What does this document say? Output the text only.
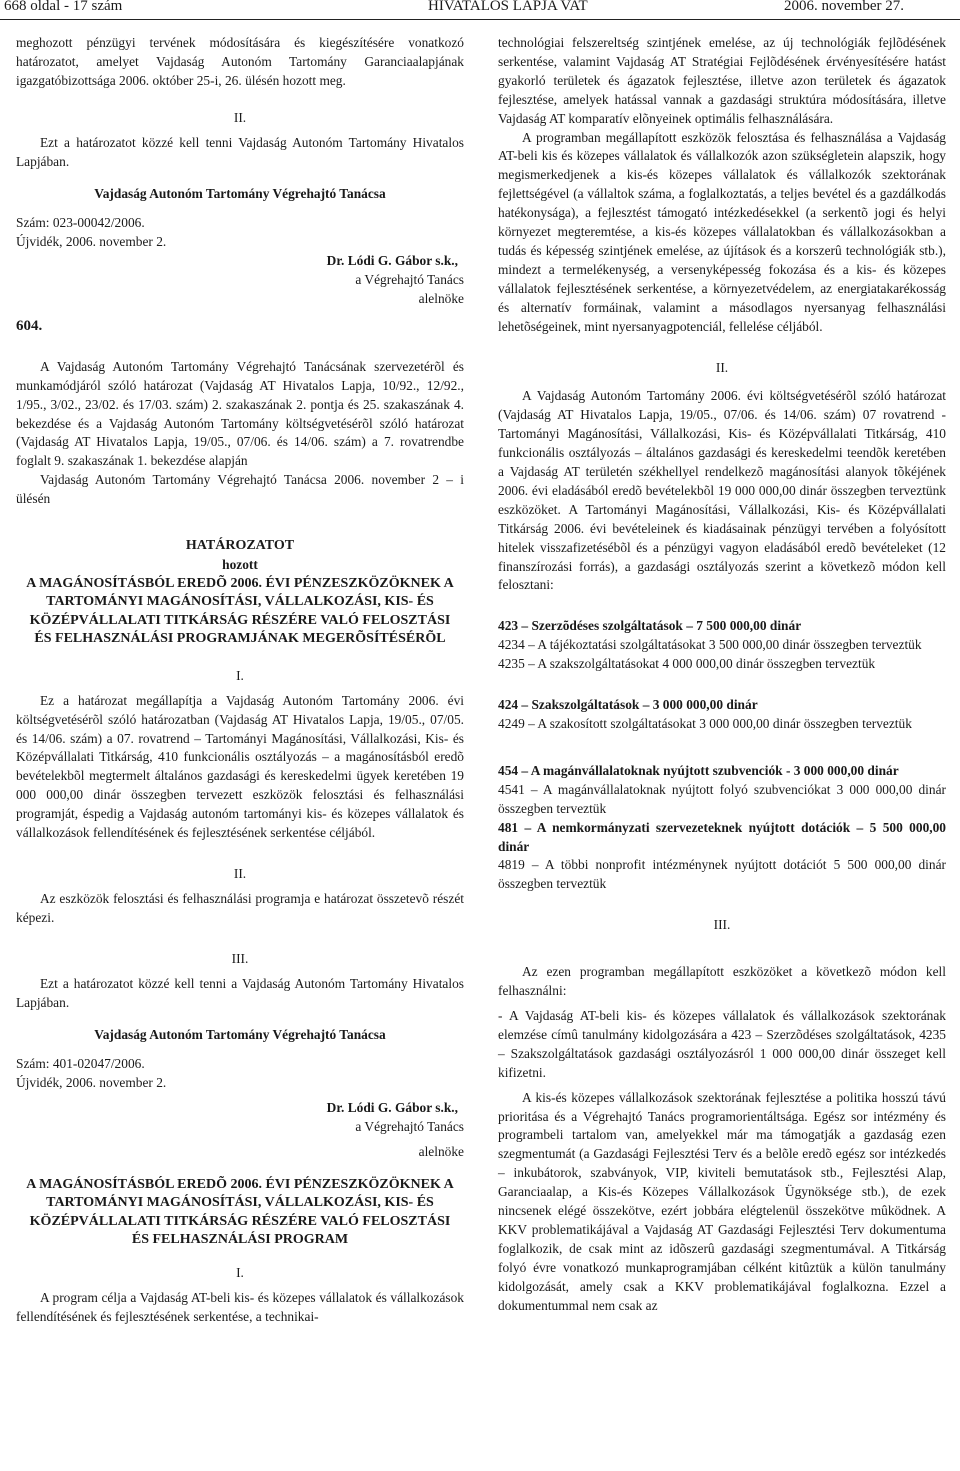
668 oldal - 17 szám	HIVATALOS LAPJA VAT	2006. november 27.

meghozott pénzügyi tervének módosítására és kiegészítésére vonatkozó határozatot, amelyet Vajdaság Autonóm Tartomány Garanciaalapjának igazgatóbizottsága 2006. október 25-i, 26. ülésén hozott meg.

II.

Ezt a határozatot közzé kell tenni Vajdaság Autonóm Tartomány Hivatalos Lapjában.

Vajdaság Autonóm Tartomány Végrehajtó Tanácsa

Szám: 023-00042/2006.

Újvidék, 2006. november 2.

Dr. Lódi G. Gábor s.k.,

a Végrehajtó Tanács

alelnöke

604.

A Vajdaság Autonóm Tartomány Végrehajtó Tanácsának szervezetérõl és munkamódjáról szóló határozat (Vajdaság AT Hivatalos Lapja, 10/92., 12/92., 1/95., 3/02., 23/02. és 17/03. szám) 2. szakaszának 2. pontja és 25. szakaszának 4. bekezdése és a Vajdaság Autonóm Tartomány költségvetésérõl szóló határozat (Vajdaság AT Hivatalos Lapja, 19/05., 07/06. és 14/06. szám) a 7. rovatrendbe foglalt 9. szakaszának 1. bekezdése alapján

Vajdaság Autonóm Tartomány Végrehajtó Tanácsa 2006. november 2 – i ülésén

HATÁROZATOT

hozott

A MAGÁNOSÍTÁSBÓL EREDÕ 2006. ÉVI PÉNZESZKÖZÖKNEK A TARTOMÁNYI MAGÁNOSÍTÁSI, VÁLLALKOZÁSI, KIS- ÉS KÖZÉPVÁLLALATI TITKÁRSÁG RÉSZÉRE VALÓ FELOSZTÁSI ÉS FELHASZNÁLÁSI PROGRAMJÁNAK MEGERÕSÍTÉSÉRÕL

I.

Ez a határozat megállapítja a Vajdaság Autonóm Tartomány 2006. évi költségvetésérõl szóló határozatban (Vajdaság AT Hivatalos Lapja, 19/05., 07/05. és 14/06. szám) a 07. rovatrend – Tartományi Magánosítási, Vállalkozási, Kis- és Középvállalati Titkárság, 410 funkcionális osztályozás – a magánosításból eredõ bevételekbõl megtermelt általános gazdasági és kereskedelmi ügyek keretében 19 000 000,00 dinár összegben tervezett eszközök felosztási és felhasználási programját, éspedig a Vajdaság autonóm tartományi kis- és közepes vállalatok és vállalkozások fellendítésének és fejlesztésének serkentése céljából.

II.

Az eszközök felosztási és felhasználási programja e határozat összetevõ részét képezi.

III.

Ezt a határozatot közzé kell tenni a Vajdaság Autonóm Tartomány Hivatalos Lapjában.

Vajdaság Autonóm Tartomány Végrehajtó Tanácsa

Szám: 401-02047/2006.

Újvidék, 2006. november 2.

Dr. Lódi G. Gábor s.k.,

a Végrehajtó Tanács

alelnöke

A MAGÁNOSÍTÁSBÓL EREDÕ 2006. ÉVI PÉNZESZKÖZÖKNEK A TARTOMÁNYI MAGÁNOSÍTÁSI, VÁLLALKOZÁSI, KIS- ÉS KÖZÉPVÁLLALATI TITKÁRSÁG RÉSZÉRE VALÓ FELOSZTÁSI ÉS FELHASZNÁLÁSI PROGRAM

I.

A program célja a Vajdaság AT-beli kis- és közepes vállalatok és vállalkozások fellendítésének és fejlesztésének serkentése, a technikai-

technológiai felszereltség szintjének emelése, az új technológiák fejlõdésének serkentése, valamint Vajdaság AT Stratégiai Fejlõdésének érvényesítésére hatást gyakorló területek és ágazatok fejlesztése, illetve azon területek és ágazatok fejlesztése, amelyek hatással vannak a gazdasági struktúra módosítására, illetve Vajdaság AT komparatív elõnyeinek optimális felhasználására.

A programban megállapított eszközök felosztása és felhasználása a Vajdaság AT-beli kis és közepes vállalatok és vállalkozók azon szükségletein alapszik, hogy megismerkedjenek a kis-és közepes vállalatok és vállalkozók szektorának fejlettségével (a vállaltok száma, a foglalkoztatás, a teljes bevétel és a gazdálkodás hatékonysága), a fejlesztést támogató intézkedésekkel (a serkentõ jogi és helyi környezet megteremtése, a kis-és közepes vállalatokban és vállalkozásokban a tudás és képesség szintjének emelése, az újítások és a korszerû technológiák stb.), mindezt a termelékenység, a versenyképesség fokozása és a kis- és közepes vállalatok fejlesztésének serkentése, a környezetvédelem, az energiatakarékosság és alternatív formáinak, valamint a másodlagos nyersanyag felhasználási lehetõségeinek, mint nyersanyagpotenciál, fellelése céljából.

II.

A Vajdaság Autonóm Tartomány 2006. évi költségvetésérõl szóló határozat (Vajdaság AT Hivatalos Lapja, 19/05., 07/06. és 14/06. szám) 07 rovatrend - Tartományi Magánosítási, Vállalkozási, Kis- és Középvállalati Titkárság, 410 funkcionális osztályozás – általános gazdasági és kereskedelmi teendõk keretében a Vajdaság AT területén székhellyel rendelkezõ magánosítási alanyok tõkéjének 2006. évi eladásából eredõ bevételekbõl 19 000 000,00 dinár összegben terveztünk eszközöket. A Tartományi Magánosítási, Vállalkozási, Kis- és Középvállalati Titkárság 2006. évi bevételeinek és kiadásainak pénzügyi tervében a folyósított hitelek visszafizetésébõl és a pénzügyi vagyon eladásából eredõ bevételeket (12 finanszírozási forrás), a gazdasági osztályozás szerint a következõ módon kell felosztani:

423 – Szerzõdéses szolgáltatások – 7 500 000,00 dinár

4234 – A tájékoztatási szolgáltatásokat 3 500 000,00 dinár összegben terveztük

4235 – A szakszolgáltatásokat 4 000 000,00 dinár összegben terveztük

424 – Szakszolgáltatások – 3 000 000,00 dinár

4249 – A szakosított szolgáltatásokat 3 000 000,00 dinár összegben terveztük

454 – A magánvállalatoknak nyújtott szubvenciók - 3 000 000,00 dinár

4541 – A magánvállalatoknak nyújtott folyó szubvenciókat 3 000 000,00 dinár összegben terveztük

481 – A nemkormányzati szervezeteknek nyújtott dotációk – 5 500 000,00 dinár

4819 – A többi nonprofit intézménynek nyújtott dotációt 5 500 000,00 dinár összegben terveztük

III.

Az ezen programban megállapított eszközöket a következõ módon kell felhasználni:

- A Vajdaság AT-beli kis- és közepes vállalatok és vállalkozások szektorának elemzése címû tanulmány kidolgozására a 423 – Szerzõdéses szolgáltatások, 4235 – Szakszolgáltatások gazdasági osztályozásról 1 000 000,00 dinár összeget kell kifizetni.

A kis-és közepes vállalkozások szektorának fejlesztése a politika hosszú távú prioritása és a Végrehajtó Tanács programorientáltsága. Egész sor intézmény és programbeli tartalom van, amelyekkel már ma támogatják a gazdaság ezen szegmentumát (a Gazdasági Fejlesztési Terv és a belõle eredõ egész sor intézkedés – inkubátorok, szabványok, VIP, kiviteli bemutatások stb., Fejlesztési Alap, Garanciaalap, a Kis-és Közepes Vállalkozások Ügynöksége stb.), de ezek nincsenek elégé összekötve, ezért jobbára elégtelenül összekötve mûködnek. A KKV problematikájával a Vajdaság AT Gazdasági Fejlesztési Terv dokumentuma foglalkozik, de csak mint az idõszerû gazdasági szegmentumával. A Titkárság folyó évre vonatkozó munkaprogramjában célként kitûztük a külön tanulmány kidolgozását, amely csak a KKV problematikájával foglalkozna. Ezzel a dokumentummal nem csak az
